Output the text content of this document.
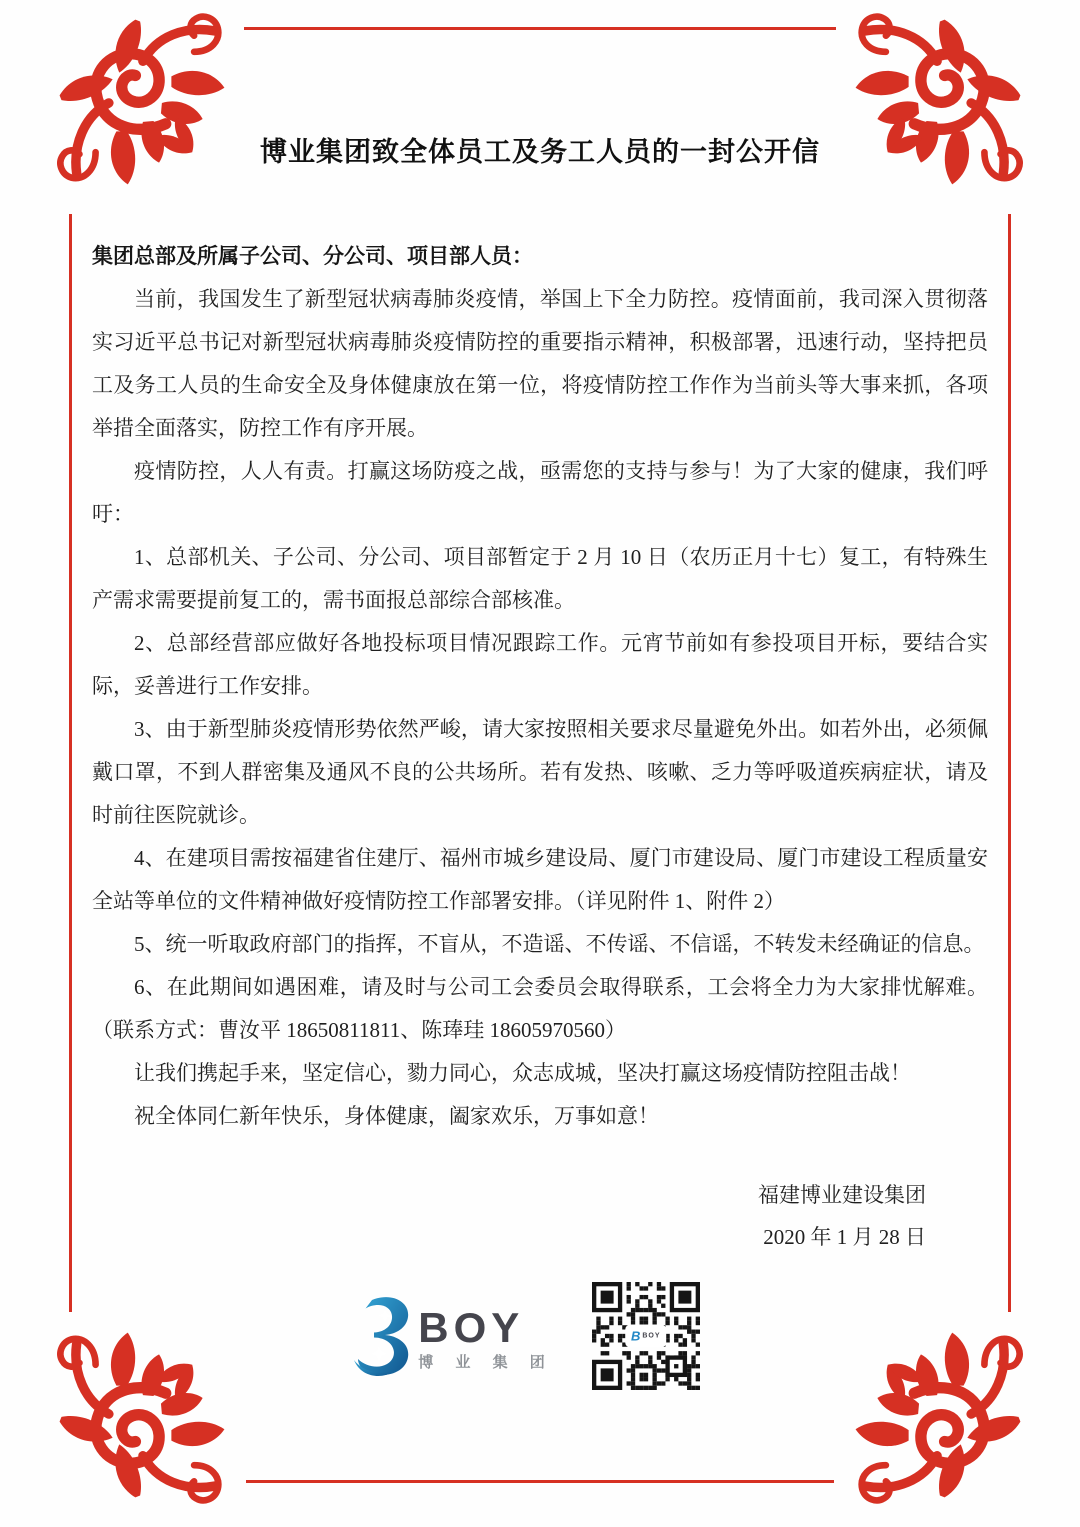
博业集团致全体员工及务工人员的一封公开信

集团总部及所属子公司、分公司、项目部人员：

当前，我国发生了新型冠状病毒肺炎疫情，举国上下全力防控。疫情面前，我司深入贯彻落实习近平总书记对新型冠状病毒肺炎疫情防控的重要指示精神，积极部署，迅速行动，坚持把员工及务工人员的生命安全及身体健康放在第一位，将疫情防控工作作为当前头等大事来抓，各项举措全面落实，防控工作有序开展。

疫情防控，人人有责。打赢这场防疫之战，亟需您的支持与参与！为了大家的健康，我们呼吁：

1、总部机关、子公司、分公司、项目部暂定于 2 月 10 日（农历正月十七）复工，有特殊生产需求需要提前复工的，需书面报总部综合部核准。

2、总部经营部应做好各地投标项目情况跟踪工作。元宵节前如有参投项目开标，要结合实际，妥善进行工作安排。

3、由于新型肺炎疫情形势依然严峻，请大家按照相关要求尽量避免外出。如若外出，必须佩戴口罩，不到人群密集及通风不良的公共场所。若有发热、咳嗽、乏力等呼吸道疾病症状，请及时前往医院就诊。

4、在建项目需按福建省住建厅、福州市城乡建设局、厦门市建设局、厦门市建设工程质量安全站等单位的文件精神做好疫情防控工作部署安排。（详见附件 1、附件 2）

5、统一听取政府部门的指挥，不盲从，不造谣、不传谣、不信谣，不转发未经确证的信息。

6、在此期间如遇困难，请及时与公司工会委员会取得联系，工会将全力为大家排忧解难。（联系方式：曹汝平 18650811811、陈琫珪 18605970560）

让我们携起手来，坚定信心，勠力同心，众志成城，坚决打赢这场疫情防控阻击战！

祝全体同仁新年快乐，身体健康，阖家欢乐，万事如意！

福建博业建设集团
2020 年 1 月 28 日
BOY
博 业 集 团
B BOY
